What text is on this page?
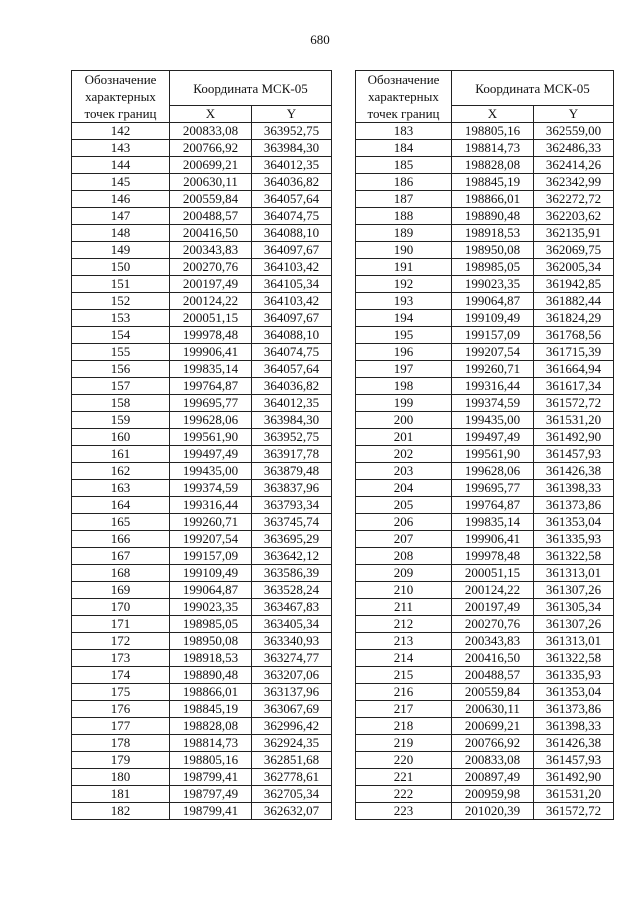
680
Обозначение характерных точек границ	Координата МСК-05	
	X	Y
142	200833,08	363952,75
143	200766,92	363984,30
144	200699,21	364012,35
145	200630,11	364036,82
146	200559,84	364057,64
147	200488,57	364074,75
148	200416,50	364088,10
149	200343,83	364097,67
150	200270,76	364103,42
151	200197,49	364105,34
152	200124,22	364103,42
153	200051,15	364097,67
154	199978,48	364088,10
155	199906,41	364074,75
156	199835,14	364057,64
157	199764,87	364036,82
158	199695,77	364012,35
159	199628,06	363984,30
160	199561,90	363952,75
161	199497,49	363917,78
162	199435,00	363879,48
163	199374,59	363837,96
164	199316,44	363793,34
165	199260,71	363745,74
166	199207,54	363695,29
167	199157,09	363642,12
168	199109,49	363586,39
169	199064,87	363528,24
170	199023,35	363467,83
171	198985,05	363405,34
172	198950,08	363340,93
173	198918,53	363274,77
174	198890,48	363207,06
175	198866,01	363137,96
176	198845,19	363067,69
177	198828,08	362996,42
178	198814,73	362924,35
179	198805,16	362851,68
180	198799,41	362778,61
181	198797,49	362705,34
182	198799,41	362632,07
Обозначение характерных точек границ	Координата МСК-05	
	X	Y
183	198805,16	362559,00
184	198814,73	362486,33
185	198828,08	362414,26
186	198845,19	362342,99
187	198866,01	362272,72
188	198890,48	362203,62
189	198918,53	362135,91
190	198950,08	362069,75
191	198985,05	362005,34
192	199023,35	361942,85
193	199064,87	361882,44
194	199109,49	361824,29
195	199157,09	361768,56
196	199207,54	361715,39
197	199260,71	361664,94
198	199316,44	361617,34
199	199374,59	361572,72
200	199435,00	361531,20
201	199497,49	361492,90
202	199561,90	361457,93
203	199628,06	361426,38
204	199695,77	361398,33
205	199764,87	361373,86
206	199835,14	361353,04
207	199906,41	361335,93
208	199978,48	361322,58
209	200051,15	361313,01
210	200124,22	361307,26
211	200197,49	361305,34
212	200270,76	361307,26
213	200343,83	361313,01
214	200416,50	361322,58
215	200488,57	361335,93
216	200559,84	361353,04
217	200630,11	361373,86
218	200699,21	361398,33
219	200766,92	361426,38
220	200833,08	361457,93
221	200897,49	361492,90
222	200959,98	361531,20
223	201020,39	361572,72
